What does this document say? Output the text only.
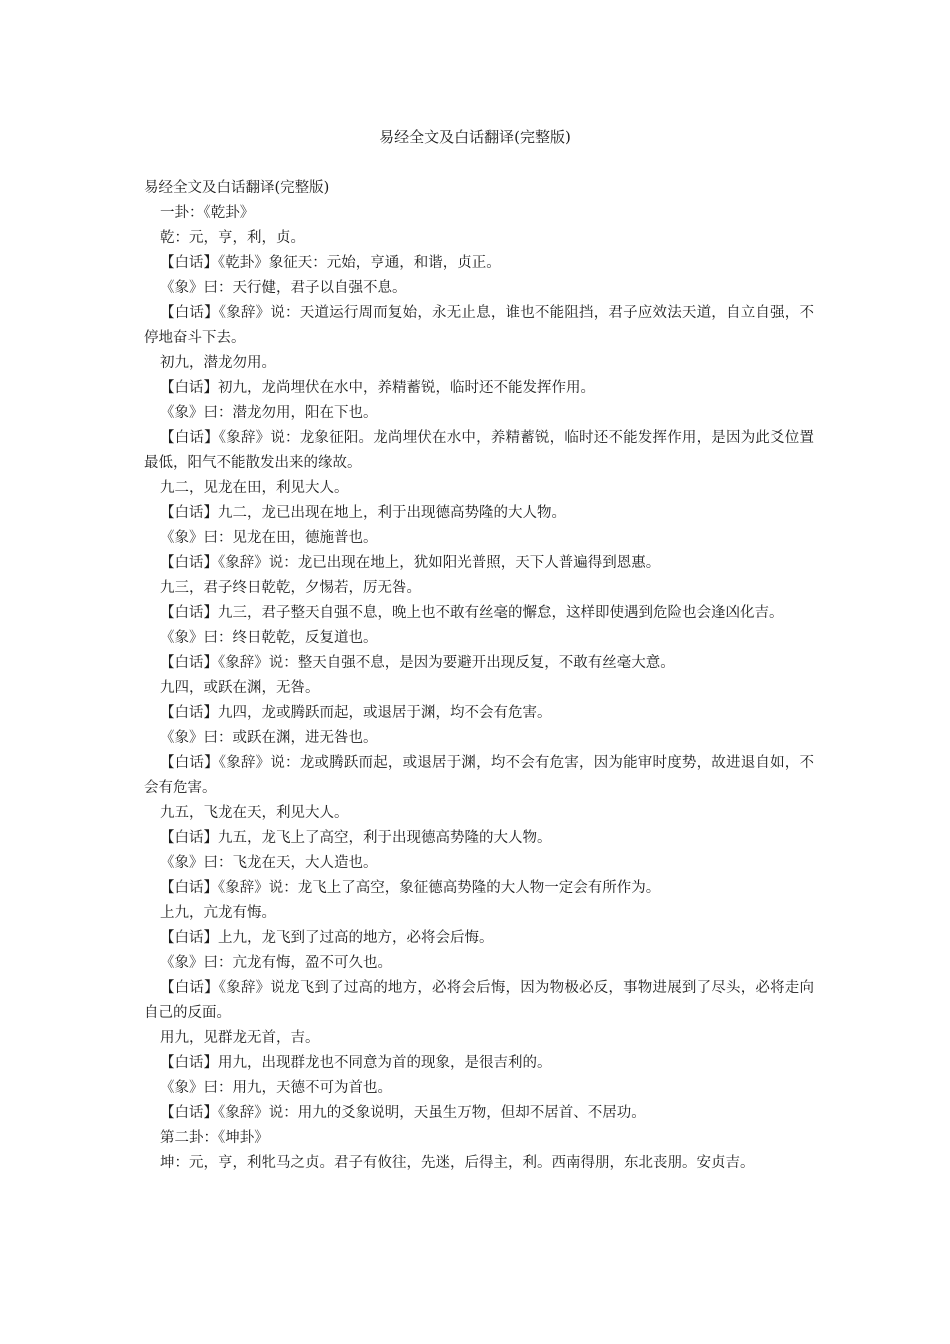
易经全文及白话翻译(完整版)

易经全文及白话翻译(完整版)

一卦：《乾卦》

乾：元，亨，利，贞。

【白话】《乾卦》象征天：元始，亨通，和谐，贞正。

《象》曰：天行健，君子以自强不息。

【白话】《象辞》说：天道运行周而复始，永无止息，谁也不能阻挡，君子应效法天道，自立自强，不停地奋斗下去。

初九，潜龙勿用。

【白话】初九，龙尚埋伏在水中，养精蓄锐，临时还不能发挥作用。

《象》曰：潜龙勿用，阳在下也。

【白话】《象辞》说：龙象征阳。龙尚埋伏在水中，养精蓄锐，临时还不能发挥作用，是因为此爻位置最低，阳气不能散发出来的缘故。

九二，见龙在田，利见大人。

【白话】九二，龙已出现在地上，利于出现德高势隆的大人物。

《象》曰：见龙在田，德施普也。

【白话】《象辞》说：龙已出现在地上，犹如阳光普照，天下人普遍得到恩惠。

九三，君子终日乾乾，夕惕若，厉无咎。

【白话】九三，君子整天自强不息，晚上也不敢有丝毫的懈怠，这样即使遇到危险也会逢凶化吉。

《象》曰：终日乾乾，反复道也。

【白话】《象辞》说：整天自强不息，是因为要避开出现反复，不敢有丝毫大意。

九四，或跃在渊，无咎。

【白话】九四，龙或腾跃而起，或退居于渊，均不会有危害。

《象》曰：或跃在渊，进无咎也。

【白话】《象辞》说：龙或腾跃而起，或退居于渊，均不会有危害，因为能审时度势，故进退自如，不会有危害。

九五，飞龙在天，利见大人。

【白话】九五，龙飞上了高空，利于出现德高势隆的大人物。

《象》曰：飞龙在天，大人造也。

【白话】《象辞》说：龙飞上了高空，象征德高势隆的大人物一定会有所作为。

上九，亢龙有悔。

【白话】上九，龙飞到了过高的地方，必将会后悔。

《象》曰：亢龙有悔，盈不可久也。

【白话】《象辞》说龙飞到了过高的地方，必将会后悔，因为物极必反，事物进展到了尽头，必将走向自己的反面。

用九，见群龙无首，吉。

【白话】用九，出现群龙也不同意为首的现象，是很吉利的。

《象》曰：用九，天德不可为首也。

【白话】《象辞》说：用九的爻象说明，天虽生万物，但却不居首、不居功。

第二卦：《坤卦》

坤：元，亨，利牝马之贞。君子有攸往，先迷，后得主，利。西南得朋，东北丧朋。安贞吉。
